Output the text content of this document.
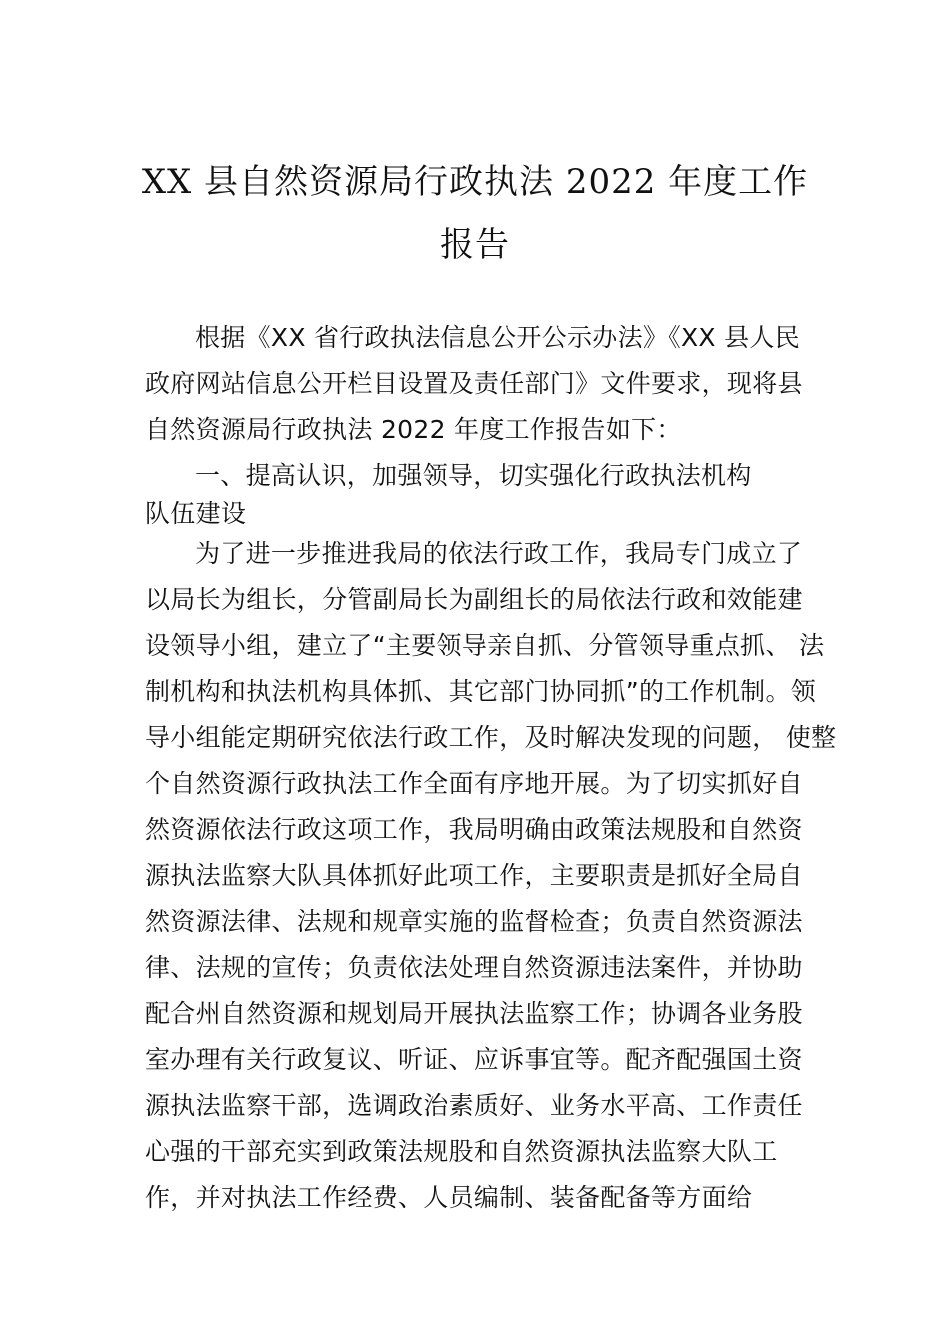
XX 县自然资源局行政执法 2022 年度工作
报告
根据《XX 省行政执法信息公开公示办法》《XX 县人民
政府网站信息公开栏目设置及责任部门》文件要求，现将县
自然资源局行政执法 2022 年度工作报告如下：
一、提高认识，加强领导，切实强化行政执法机构
队伍建设
为了进一步推进我局的依法行政工作，我局专门成立了
以局长为组长，分管副局长为副组长的局依法行政和效能建
设领导小组，建立了“主要领导亲自抓、分管领导重点抓、 法
制机构和执法机构具体抓、其它部门协同抓”的工作机制。领
导小组能定期研究依法行政工作，及时解决发现的问题， 使整
个自然资源行政执法工作全面有序地开展。为了切实抓好自
然资源依法行政这项工作，我局明确由政策法规股和自然资
源执法监察大队具体抓好此项工作，主要职责是抓好全局自
然资源法律、法规和规章实施的监督检查；负责自然资源法
律、法规的宣传；负责依法处理自然资源违法案件，并协助
配合州自然资源和规划局开展执法监察工作；协调各业务股
室办理有关行政复议、听证、应诉事宜等。配齐配强国土资
源执法监察干部，选调政治素质好、业务水平高、工作责任
心强的干部充实到政策法规股和自然资源执法监察大队工
作，并对执法工作经费、人员编制、装备配备等方面给
